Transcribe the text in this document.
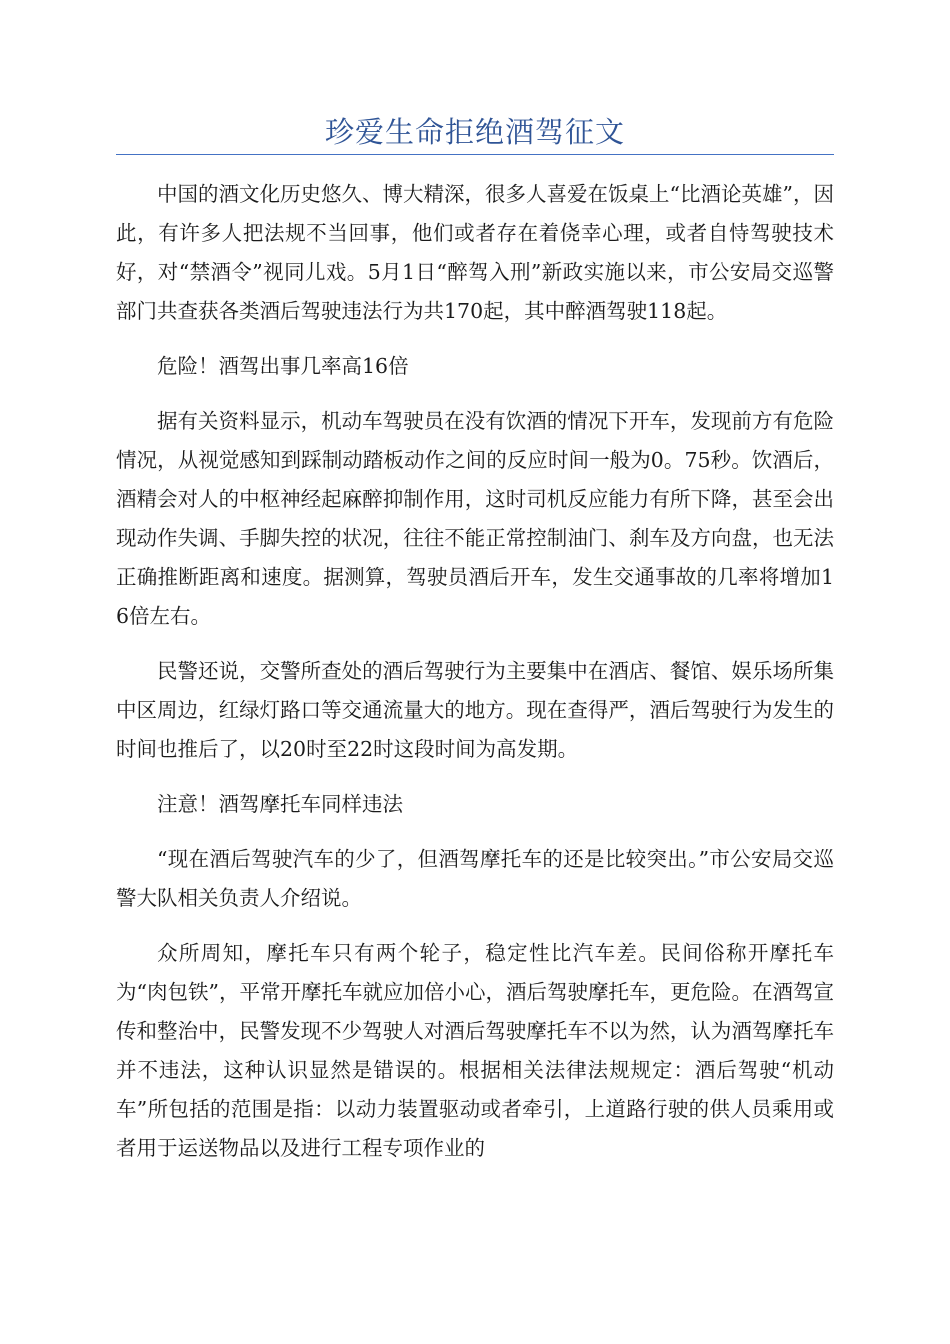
珍爱生命拒绝酒驾征文

中国的酒文化历史悠久、博大精深，很多人喜爱在饭桌上“比酒论英雄”，因此，有许多人把法规不当回事，他们或者存在着侥幸心理，或者自恃驾驶技术好，对“禁酒令”视同儿戏。5月1日“醉驾入刑”新政实施以来，市公安局交巡警部门共查获各类酒后驾驶违法行为共170起，其中醉酒驾驶118起。

危险！酒驾出事几率高16倍

据有关资料显示，机动车驾驶员在没有饮酒的情况下开车，发现前方有危险情况，从视觉感知到踩制动踏板动作之间的反应时间一般为0。75秒。饮酒后，酒精会对人的中枢神经起麻醉抑制作用，这时司机反应能力有所下降，甚至会出现动作失调、手脚失控的状况，往往不能正常控制油门、刹车及方向盘，也无法正确推断距离和速度。据测算，驾驶员酒后开车，发生交通事故的几率将增加16倍左右。

民警还说，交警所查处的酒后驾驶行为主要集中在酒店、餐馆、娱乐场所集中区周边，红绿灯路口等交通流量大的地方。现在查得严，酒后驾驶行为发生的时间也推后了，以20时至22时这段时间为高发期。

注意！酒驾摩托车同样违法

“现在酒后驾驶汽车的少了，但酒驾摩托车的还是比较突出。”市公安局交巡警大队相关负责人介绍说。

众所周知，摩托车只有两个轮子，稳定性比汽车差。民间俗称开摩托车为“肉包铁”，平常开摩托车就应加倍小心，酒后驾驶摩托车，更危险。在酒驾宣传和整治中，民警发现不少驾驶人对酒后驾驶摩托车不以为然，认为酒驾摩托车并不违法，这种认识显然是错误的。根据相关法律法规规定：酒后驾驶“机动车”所包括的范围是指：以动力装置驱动或者牵引，上道路行驶的供人员乘用或者用于运送物品以及进行工程专项作业的
